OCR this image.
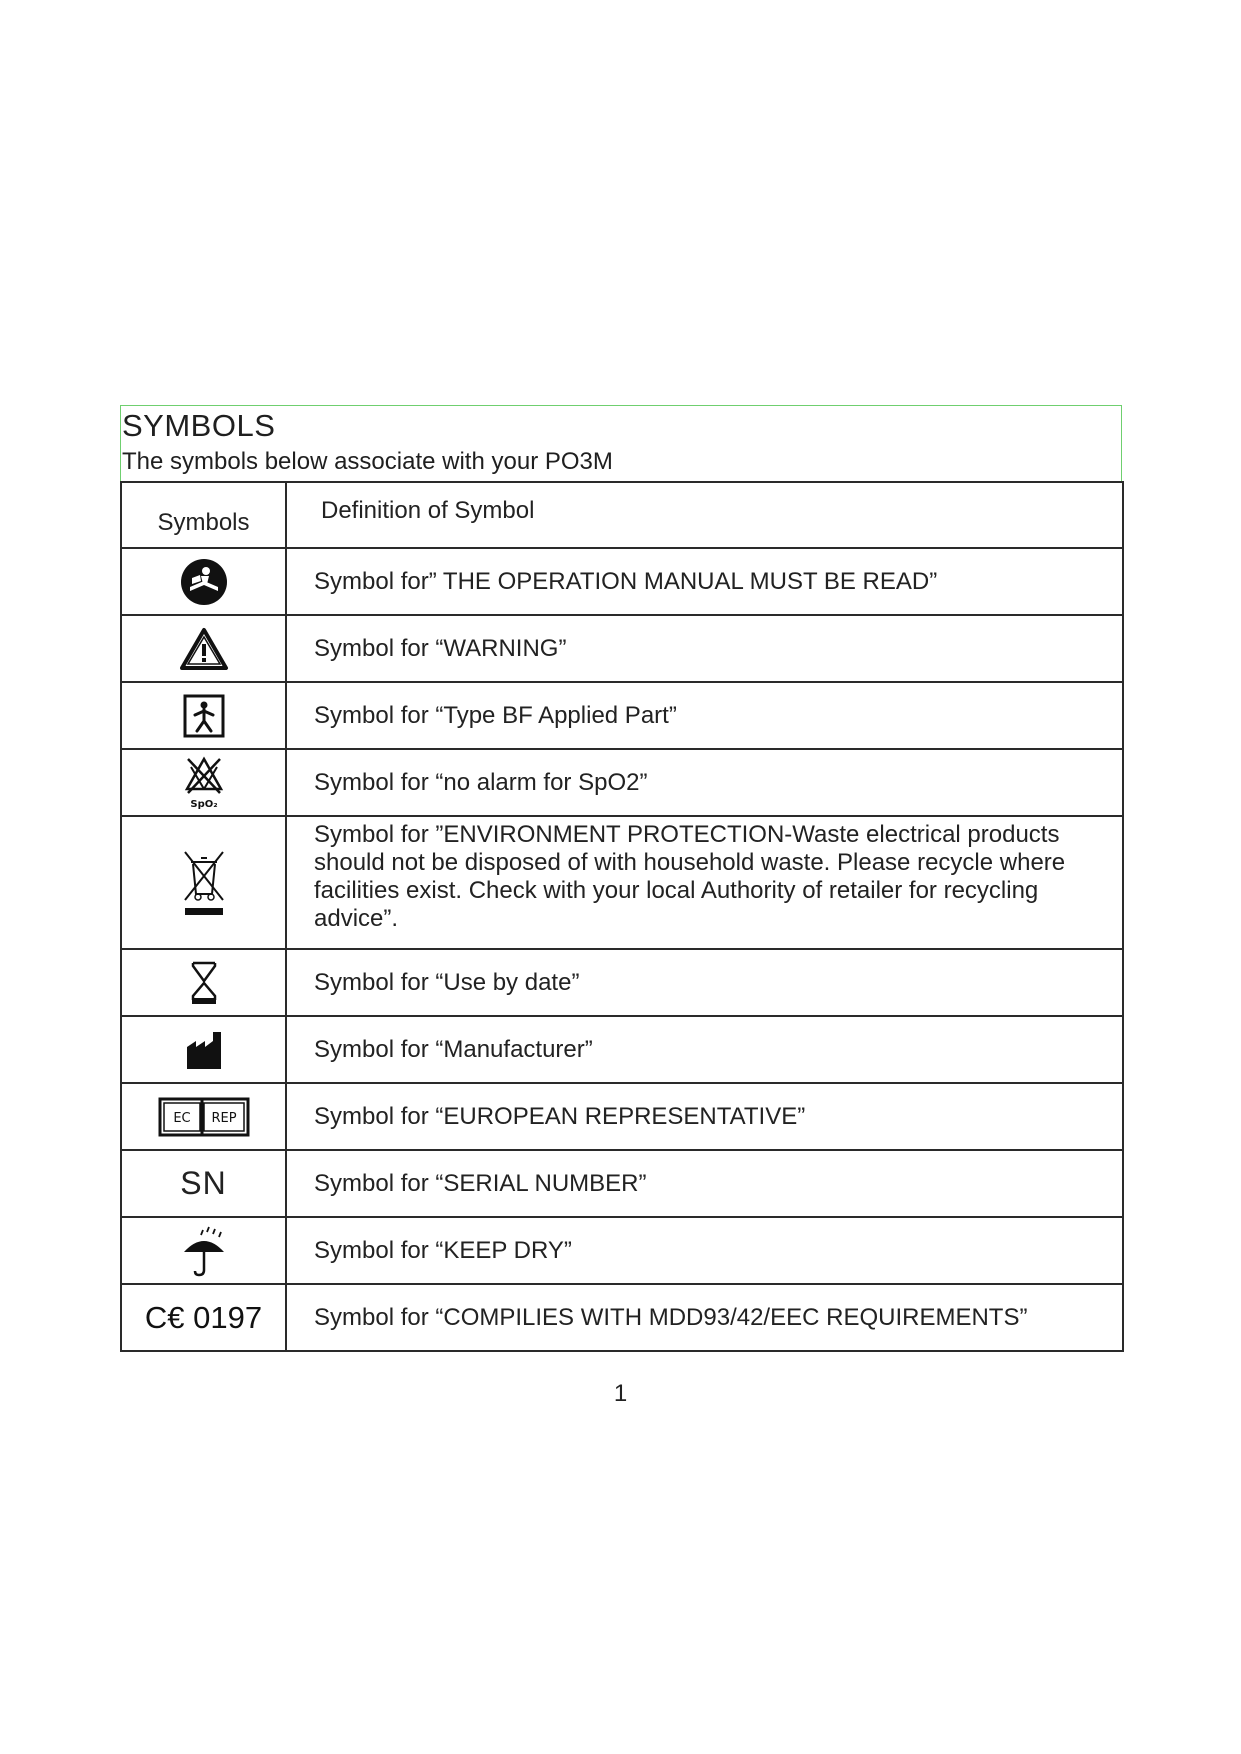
SYMBOLS
The symbols below associate with your PO3M
Symbols	Definition of Symbol
	Symbol for” THE OPERATION MANUAL MUST BE READ”
	Symbol for “WARNING”
	Symbol for “Type BF Applied Part”

SpO₂	Symbol for “no alarm for SpO2”
	Symbol for ”ENVIRONMENT PROTECTION-Waste electrical products should not be disposed of with household waste. Please recycle where facilities exist. Check with your local Authority of retailer for recycling advice”.
	Symbol for “Use by date”
	Symbol for “Manufacturer”

EC REP	Symbol for “EUROPEAN REPRESENTATIVE”
SN	Symbol for “SERIAL NUMBER”
	Symbol for “KEEP DRY”
C€ 0197	Symbol for “COMPILIES WITH MDD93/42/EEC REQUIREMENTS”
1
